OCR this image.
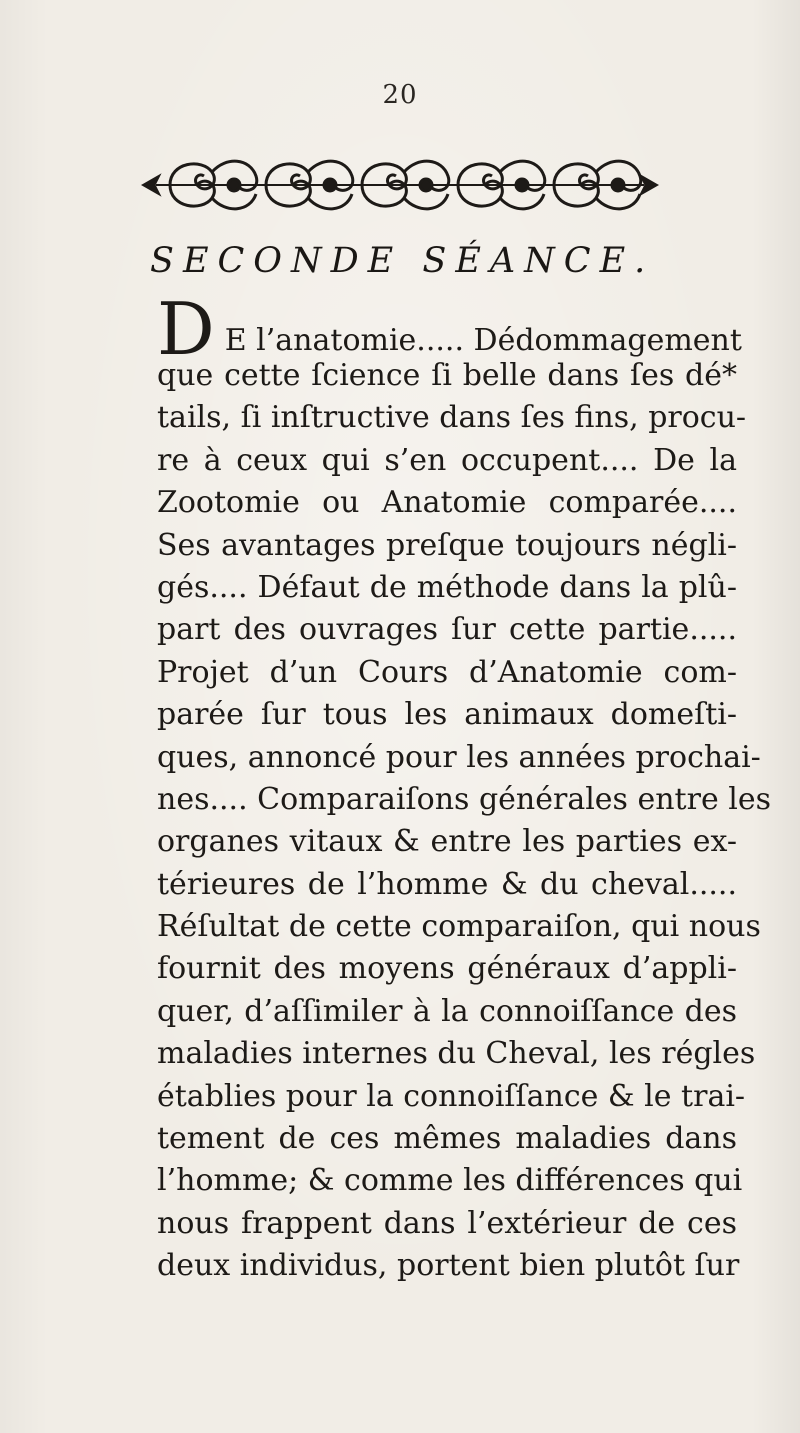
20
SECONDE SÉANCE.
D E l’anatomie..... Dédommagement
que cette ſcience ſi belle dans ſes dé*
tails, ſi inſtructive dans ſes fins, procu-
re à ceux qui s’en occupent.... De la
Zootomie ou Anatomie comparée....
Ses avantages preſque toujours négli-
gés.... Défaut de méthode dans la plû-
part des ouvrages ſur cette partie.....
Projet d’un Cours d’Anatomie com-
parée ſur tous les animaux domeſti-
ques, annoncé pour les années prochai-
nes.... Comparaiſons générales entre les
organes vitaux & entre les parties ex-
térieures de l’homme & du cheval.....
Réſultat de cette comparaiſon, qui nous
fournit des moyens généraux d’appli-
quer, d’aſſimiler à la connoiſſance des
maladies internes du Cheval, les régles
établies pour la connoiſſance & le trai-
tement de ces mêmes maladies dans
l’homme; & comme les différences qui
nous frappent dans l’extérieur de ces
deux individus, portent bien plutôt ſur
